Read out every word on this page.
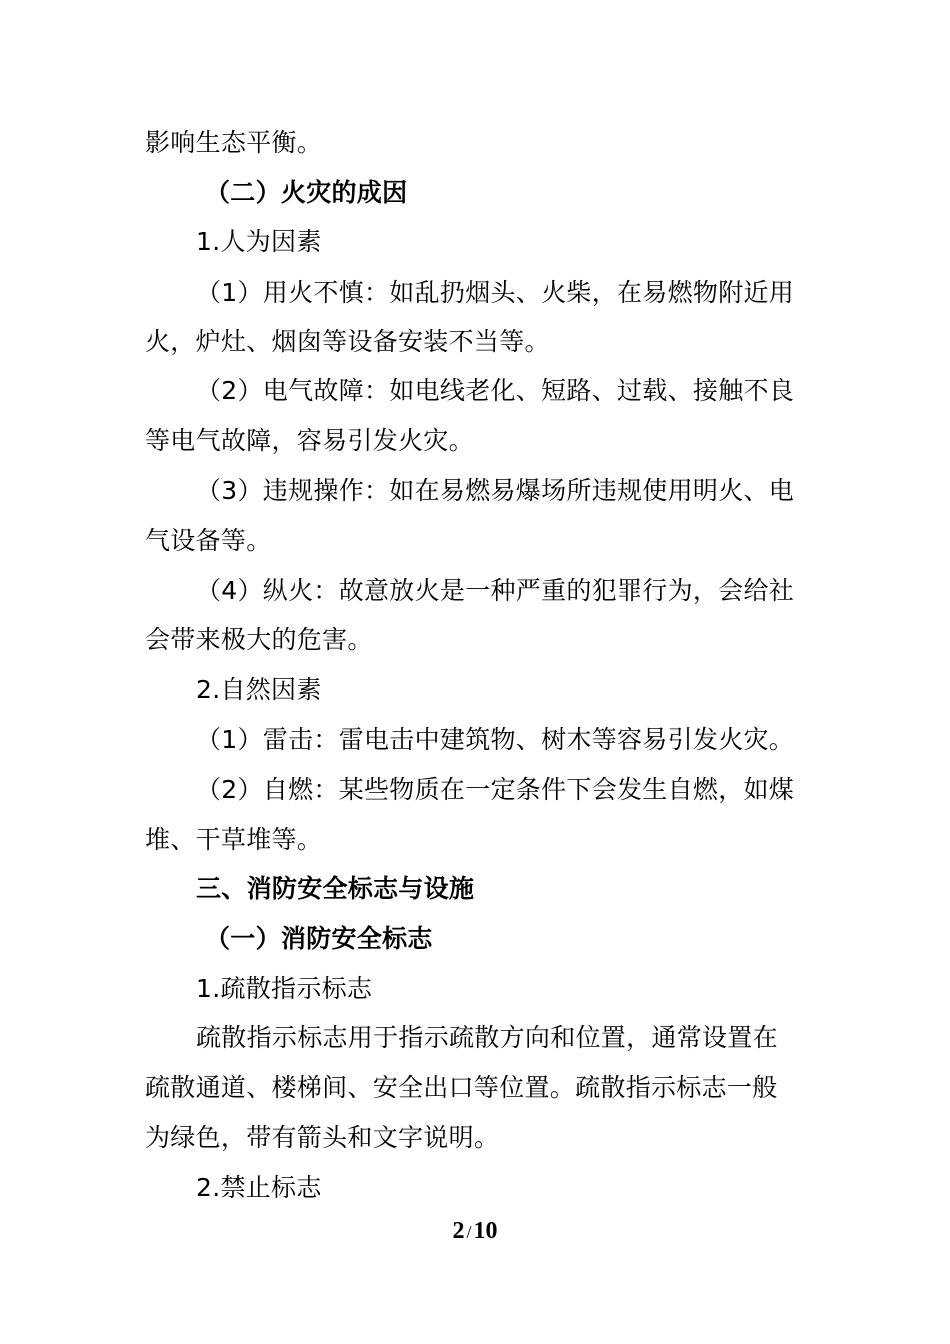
影响生态平衡。
（二）火灾的成因
1.人为因素
（1）用火不慎：如乱扔烟头、火柴，在易燃物附近用
火，炉灶、烟囱等设备安装不当等。
（2）电气故障：如电线老化、短路、过载、接触不良
等电气故障，容易引发火灾。
（3）违规操作：如在易燃易爆场所违规使用明火、电
气设备等。
（4）纵火：故意放火是一种严重的犯罪行为，会给社
会带来极大的危害。
2.自然因素
（1）雷击：雷电击中建筑物、树木等容易引发火灾。
（2）自燃：某些物质在一定条件下会发生自燃，如煤
堆、干草堆等。
三、消防安全标志与设施
（一）消防安全标志
1.疏散指示标志
疏散指示标志用于指示疏散方向和位置，通常设置在
疏散通道、楼梯间、安全出口等位置。疏散指示标志一般
为绿色，带有箭头和文字说明。
2.禁止标志
2 /10
